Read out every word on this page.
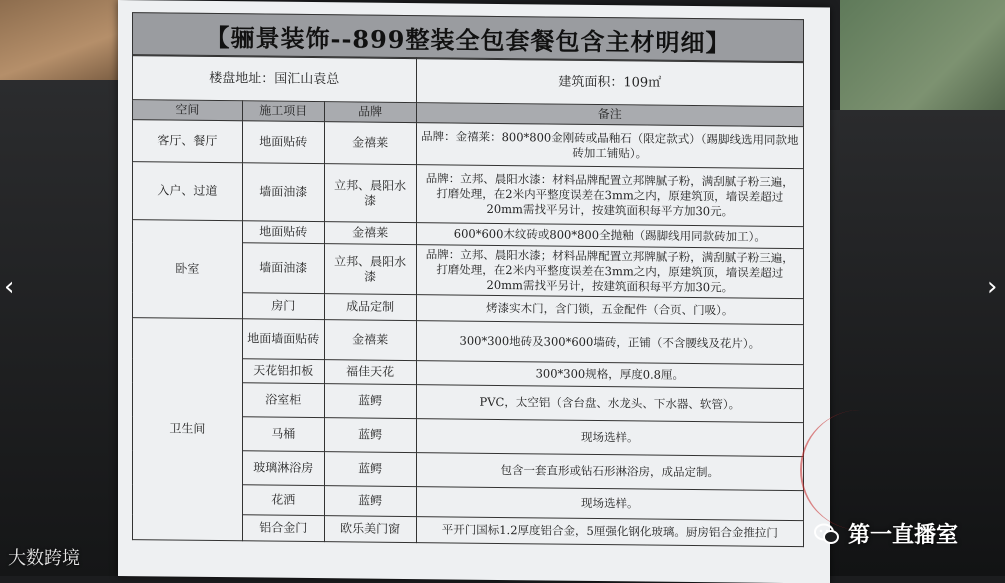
【骊景装饰--899整装全包套餐包含主材明细】
楼盘地址：国汇山袁总			建筑面积：109㎡
空间	施工项目	品牌	备注
客厅、餐厅	地面贴砖	金禧莱	品牌：金禧莱：800*800金刚砖或晶釉石（限定款式）（踢脚线选用同款地砖加工铺贴）。
入户、过道	墙面油漆	立邦、晨阳水漆	品牌：立邦、晨阳水漆：材料品牌配置立邦牌腻子粉，满刮腻子粉三遍，打磨处理，在2米内平整度误差在3mm之内，原建筑顶，墙误差超过20mm需找平另计，按建筑面积每平方加30元。
卧室	地面贴砖	金禧莱	600*600木纹砖或800*800全抛釉（踢脚线用同款砖加工）。
	墙面油漆	立邦、晨阳水漆	品牌：立邦、晨阳水漆；材料品牌配置立邦牌腻子粉，满刮腻子粉三遍，打磨处理，在2米内平整度误差在3mm之内，原建筑顶，墙误差超过20mm需找平另计，按建筑面积每平方加30元。
	房门	成品定制	烤漆实木门，含门锁，五金配件（合页、门吸）。
卫生间	地面墙面贴砖	金禧莱	300*300地砖及300*600墙砖，正铺（不含腰线及花片）。
	天花铝扣板	福佳天花	300*300规格，厚度0.8厘。
	浴室柜	蓝鳄	PVC，太空铝（含台盘、水龙头、下水器、软管）。
	马桶	蓝鳄	现场选样。
	玻璃淋浴房	蓝鳄	包含一套直形或钻石形淋浴房，成品定制。
	花洒	蓝鳄	现场选样。
	铝合金门	欧乐美门窗	平开门国标1.2厚度铝合金，5厘强化钢化玻璃。厨房铝合金推拉门
‹	›
大数跨境
第一直播室
